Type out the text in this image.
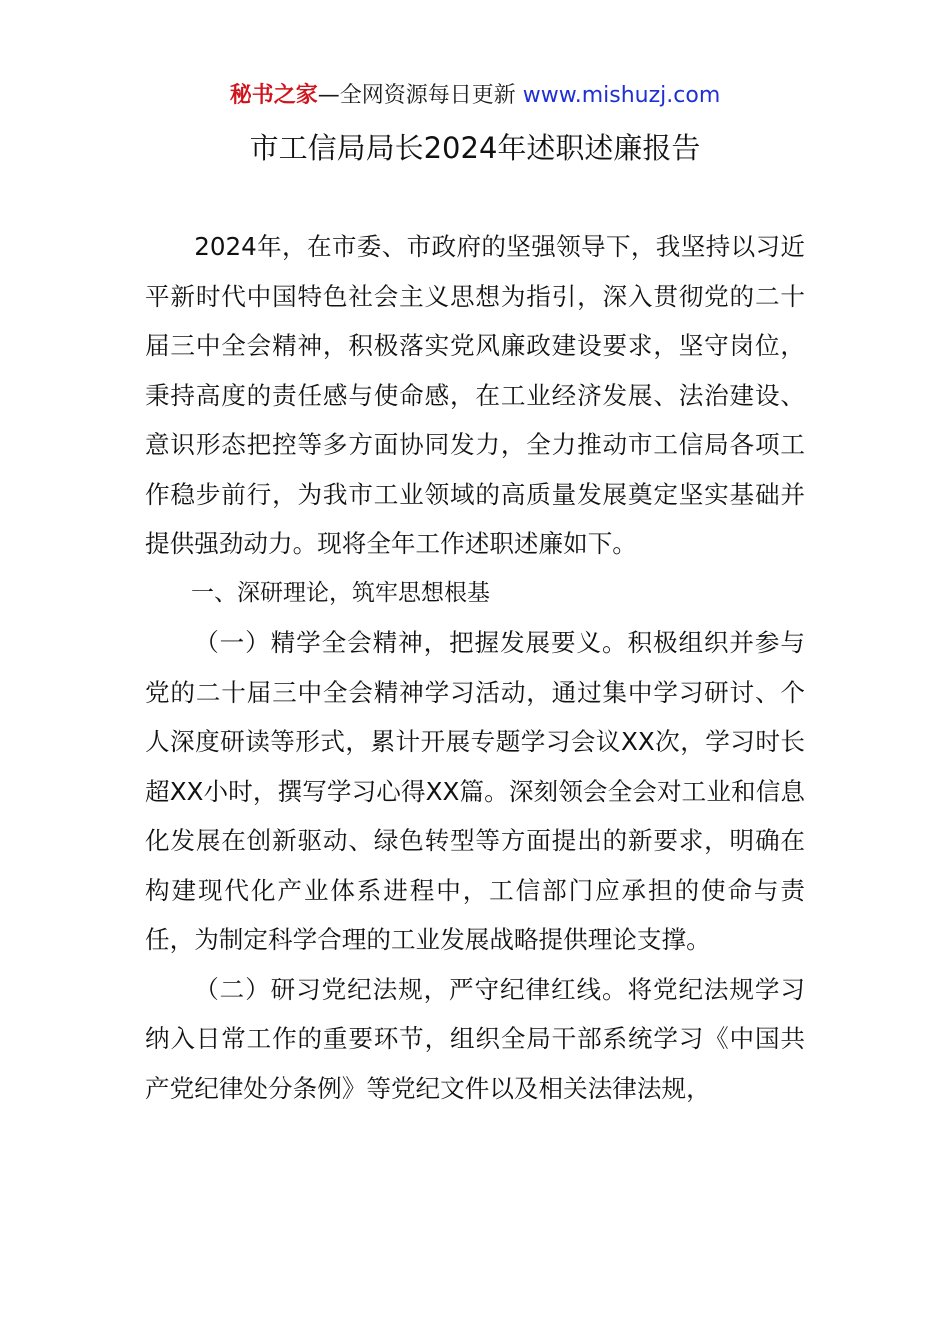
秘书之家—全网资源每日更新 www.mishuzj.com
市工信局局长2024年述职述廉报告

2024年，在市委、市政府的坚强领导下，我坚持以习近平新时代中国特色社会主义思想为指引，深入贯彻党的二十届三中全会精神，积极落实党风廉政建设要求，坚守岗位，秉持高度的责任感与使命感，在工业经济发展、法治建设、意识形态把控等多方面协同发力，全力推动市工信局各项工作稳步前行，为我市工业领域的高质量发展奠定坚实基础并提供强劲动力。现将全年工作述职述廉如下。

一、深研理论，筑牢思想根基

（一）精学全会精神，把握发展要义。积极组织并参与党的二十届三中全会精神学习活动，通过集中学习研讨、个人深度研读等形式，累计开展专题学习会议XX次，学习时长超XX小时，撰写学习心得XX篇。深刻领会全会对工业和信息化发展在创新驱动、绿色转型等方面提出的新要求，明确在构建现代化产业体系进程中，工信部门应承担的使命与责任，为制定科学合理的工业发展战略提供理论支撑。

（二）研习党纪法规，严守纪律红线。将党纪法规学习纳入日常工作的重要环节，组织全局干部系统学习《中国共产党纪律处分条例》等党纪文件以及相关法律法规，
